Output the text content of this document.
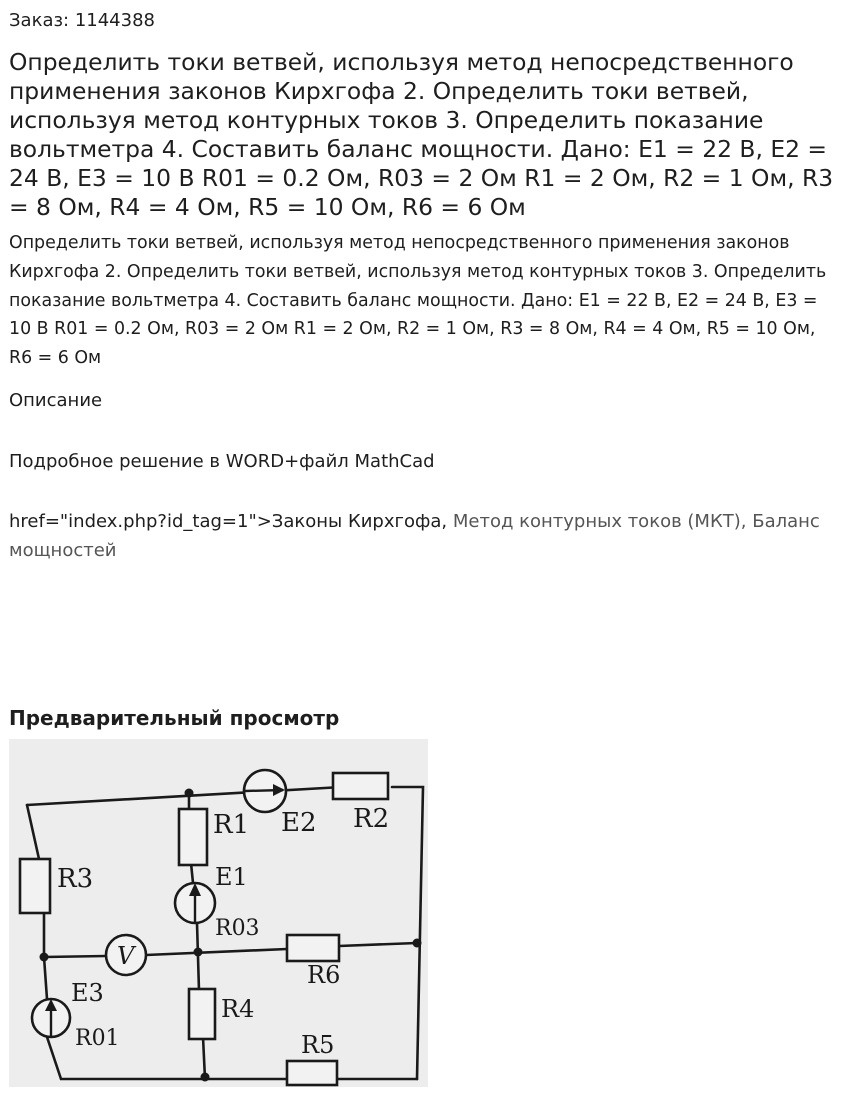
Заказ: 1144388
Определить токи ветвей, используя метод непосредственного применения законов Кирхгофа 2. Определить токи ветвей, используя метод контурных токов 3. Определить показание вольтметра 4. Составить баланс мощности. Дано: E1 = 22 В, E2 = 24 В, E3 = 10 В R01 = 0.2 Ом, R03 = 2 Ом R1 = 2 Ом, R2 = 1 Ом, R3 = 8 Ом, R4 = 4 Ом, R5 = 10 Ом, R6 = 6 Ом

Определить токи ветвей, используя метод непосредственного применения законов Кирхгофа 2. Определить токи ветвей, используя метод контурных токов 3. Определить показание вольтметра 4. Составить баланс мощности. Дано: E1 = 22 В, E2 = 24 В, E3 = 10 В R01 = 0.2 Ом, R03 = 2 Ом R1 = 2 Ом, R2 = 1 Ом, R3 = 8 Ом, R4 = 4 Ом, R5 = 10 Ом, R6 = 6 Ом

Описание
Подробное решение в WORD+файл MathCad
href="index.php?id_tag=1">Законы Кирхгофа, Метод контурных токов (МКТ), Баланс мощностей
Предварительный просмотр
E2 R2
R1
R3	E1
R03
V
R6
E3
R4
R01	R5
